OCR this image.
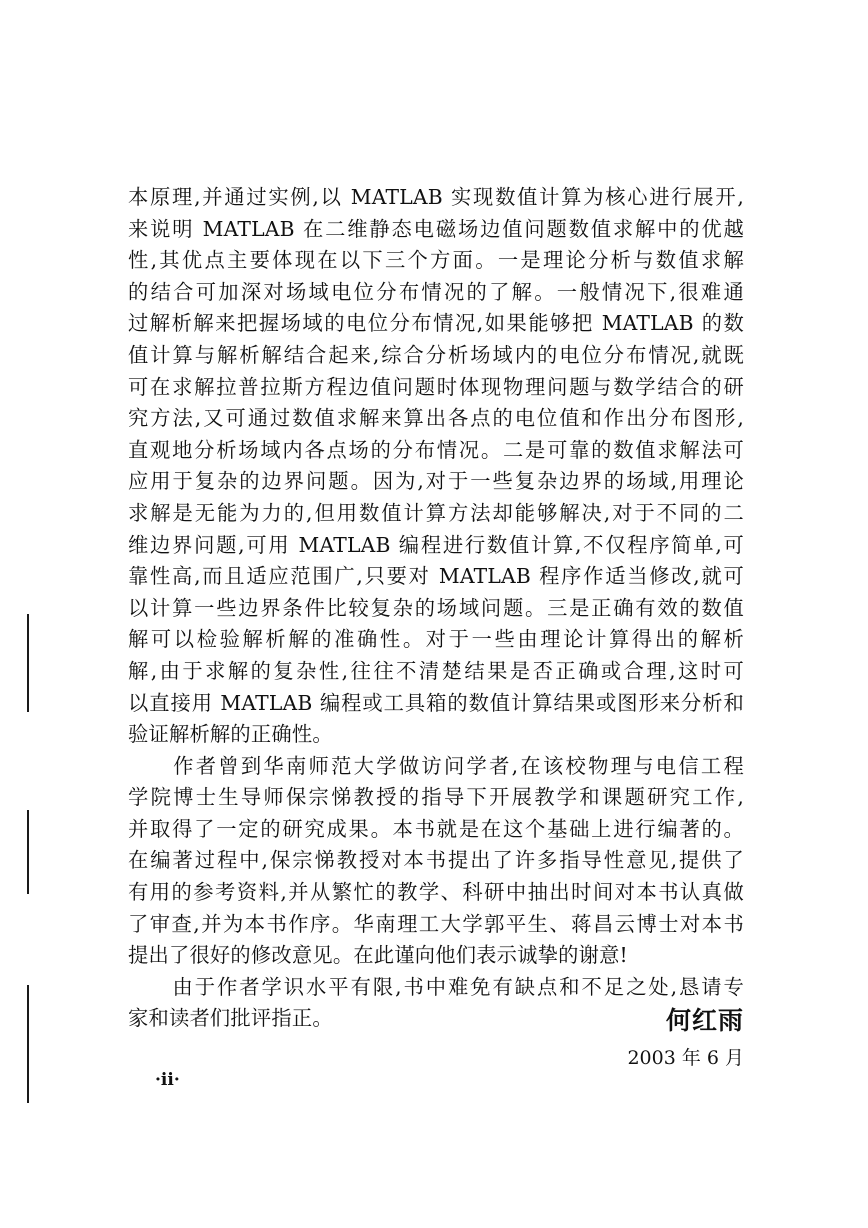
本原理,并通过实例,以 MATLAB 实现数值计算为核心进行展开,
来说明 MATLAB 在二维静态电磁场边值问题数值求解中的优越
性,其优点主要体现在以下三个方面。一是理论分析与数值求解
的结合可加深对场域电位分布情况的了解。一般情况下,很难通
过解析解来把握场域的电位分布情况,如果能够把 MATLAB 的数
值计算与解析解结合起来,综合分析场域内的电位分布情况,就既
可在求解拉普拉斯方程边值问题时体现物理问题与数学结合的研
究方法,又可通过数值求解来算出各点的电位值和作出分布图形,
直观地分析场域内各点场的分布情况。二是可靠的数值求解法可
应用于复杂的边界问题。因为,对于一些复杂边界的场域,用理论
求解是无能为力的,但用数值计算方法却能够解决,对于不同的二
维边界问题,可用 MATLAB 编程进行数值计算,不仅程序简单,可
靠性高,而且适应范围广,只要对 MATLAB 程序作适当修改,就可
以计算一些边界条件比较复杂的场域问题。三是正确有效的数值
解可以检验解析解的准确性。对于一些由理论计算得出的解析
解,由于求解的复杂性,往往不清楚结果是否正确或合理,这时可
以直接用 MATLAB 编程或工具箱的数值计算结果或图形来分析和
验证解析解的正确性。
　　作者曾到华南师范大学做访问学者,在该校物理与电信工程
学院博士生导师保宗悌教授的指导下开展教学和课题研究工作,
并取得了一定的研究成果。本书就是在这个基础上进行编著的。
在编著过程中,保宗悌教授对本书提出了许多指导性意见,提供了
有用的参考资料,并从繁忙的教学、科研中抽出时间对本书认真做
了审查,并为本书作序。华南理工大学郭平生、蒋昌云博士对本书
提出了很好的修改意见。在此谨向他们表示诚挚的谢意!
　　由于作者学识水平有限,书中难免有缺点和不足之处,恳请专
家和读者们批评指正。	何红雨
2003 年 6 月
·ii·
